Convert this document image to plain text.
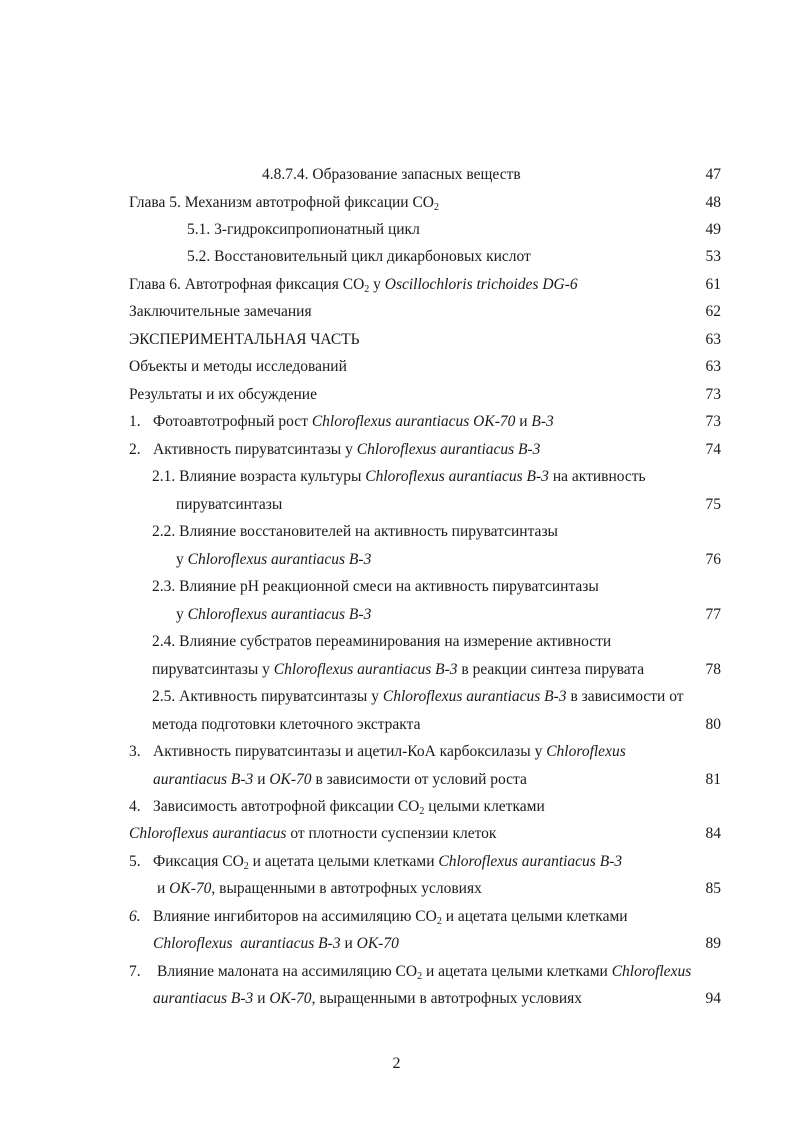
4.8.7.4. Образование запасных веществ	47
Глава 5. Механизм автотрофной фиксации $CO_2$	48
5.1. 3-гидроксипропионатный цикл	49
5.2. Восстановительный цикл дикарбоновых кислот	53
Глава 6. Автотрофная фиксация $CO_2$ у Oscillochloris trichoides DG-6	61
Заключительные замечания	62
ЭКСПЕРИМЕНТАЛЬНАЯ ЧАСТЬ	63
Объекты и методы исследований	63
Результаты и их обсуждение	73
1. Фотоавтотрофный рост Chloroflexus aurantiacus OK-70 и B-3	73
2. Активность пируватсинтазы у Chloroflexus aurantiacus B-3	74
2.1. Влияние возраста культуры Chloroflexus aurantiacus B-3 на активность
пируватсинтазы	75
2.2. Влияние восстановителей на активность пируватсинтазы
у Chloroflexus aurantiacus B-3	76
2.3. Влияние pH реакционной смеси на активность пируватсинтазы
у Chloroflexus aurantiacus B-3	77
2.4. Влияние субстратов переаминирования на измерение активности
пируватсинтазы у Chloroflexus aurantiacus B-3 в реакции синтеза пирувата	78
2.5. Активность пируватсинтазы у Chloroflexus aurantiacus B-3 в зависимости от
метода подготовки клеточного экстракта	80
3. Активность пируватсинтазы и ацетил-КоА карбоксилазы у Chloroflexus
aurantiacus B-3 и OK-70 в зависимости от условий роста	81
4. Зависимость автотрофной фиксации $CO_2$ целыми клетками
Chloroflexus aurantiacus от плотности суспензии клеток	84
5. Фиксация $CO_2$ и ацетата целыми клетками Chloroflexus aurantiacus B-3
и OK-70, выращенными в автотрофных условиях	85
6. Влияние ингибиторов на ассимиляцию $CO_2$ и ацетата целыми клетками
Chloroflexus  aurantiacus B-3 и OK-70	89
7. Влияние малоната на ассимиляцию $CO_2$ и ацетата целыми клетками Chloroflexus
aurantiacus B-3 и OK-70, выращенными в автотрофных условиях	94
2
